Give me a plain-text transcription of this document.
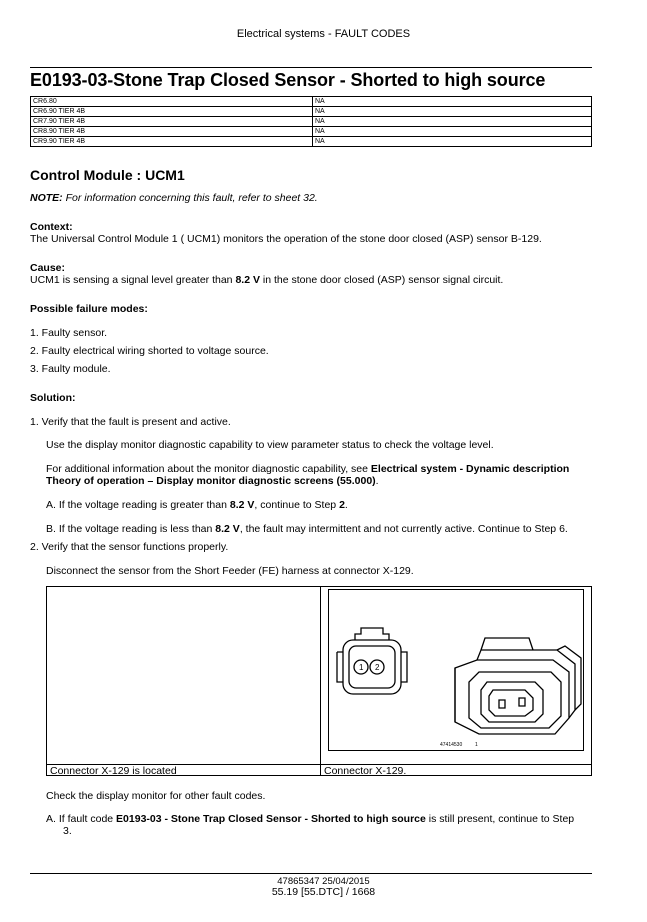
Electrical systems - FAULT CODES
E0193-03-Stone Trap Closed Sensor - Shorted to high source
CR6.80	NA
CR6.90 TIER 4B	NA
CR7.90 TIER 4B	NA
CR8.90 TIER 4B	NA
CR9.90 TIER 4B	NA
Control Module : UCM1
NOTE: For information concerning this fault, refer to sheet 32.
Context:
The Universal Control Module 1 ( UCM1) monitors the operation of the stone door closed (ASP) sensor B-129.
Cause:
UCM1 is sensing a signal level greater than 8.2 V in the stone door closed (ASP) sensor signal circuit.
Possible failure modes:
1. Faulty sensor.
2. Faulty electrical wiring shorted to voltage source.
3. Faulty module.
Solution:
1. Verify that the fault is present and active.
Use the display monitor diagnostic capability to view parameter status to check the voltage level.
For additional information about the monitor diagnostic capability, see Electrical system - Dynamic description
Theory of operation – Display monitor diagnostic screens (55.000).
A. If the voltage reading is greater than 8.2 V, continue to Step 2.
B. If the voltage reading is less than 8.2 V, the fault may intermittent and not currently active. Continue to Step 6.
2. Verify that the sensor functions properly.
Disconnect the sensor from the Short Feeder (FE) harness at connector X-129.
47414530	1
1 2
Connector X-129 is located	Connector X-129.
Check the display monitor for other fault codes.
A. If fault code E0193-03 - Stone Trap Closed Sensor - Shorted to high source is still present, continue to Step
3.
47865347 25/04/2015
55.19 [55.DTC] / 1668
